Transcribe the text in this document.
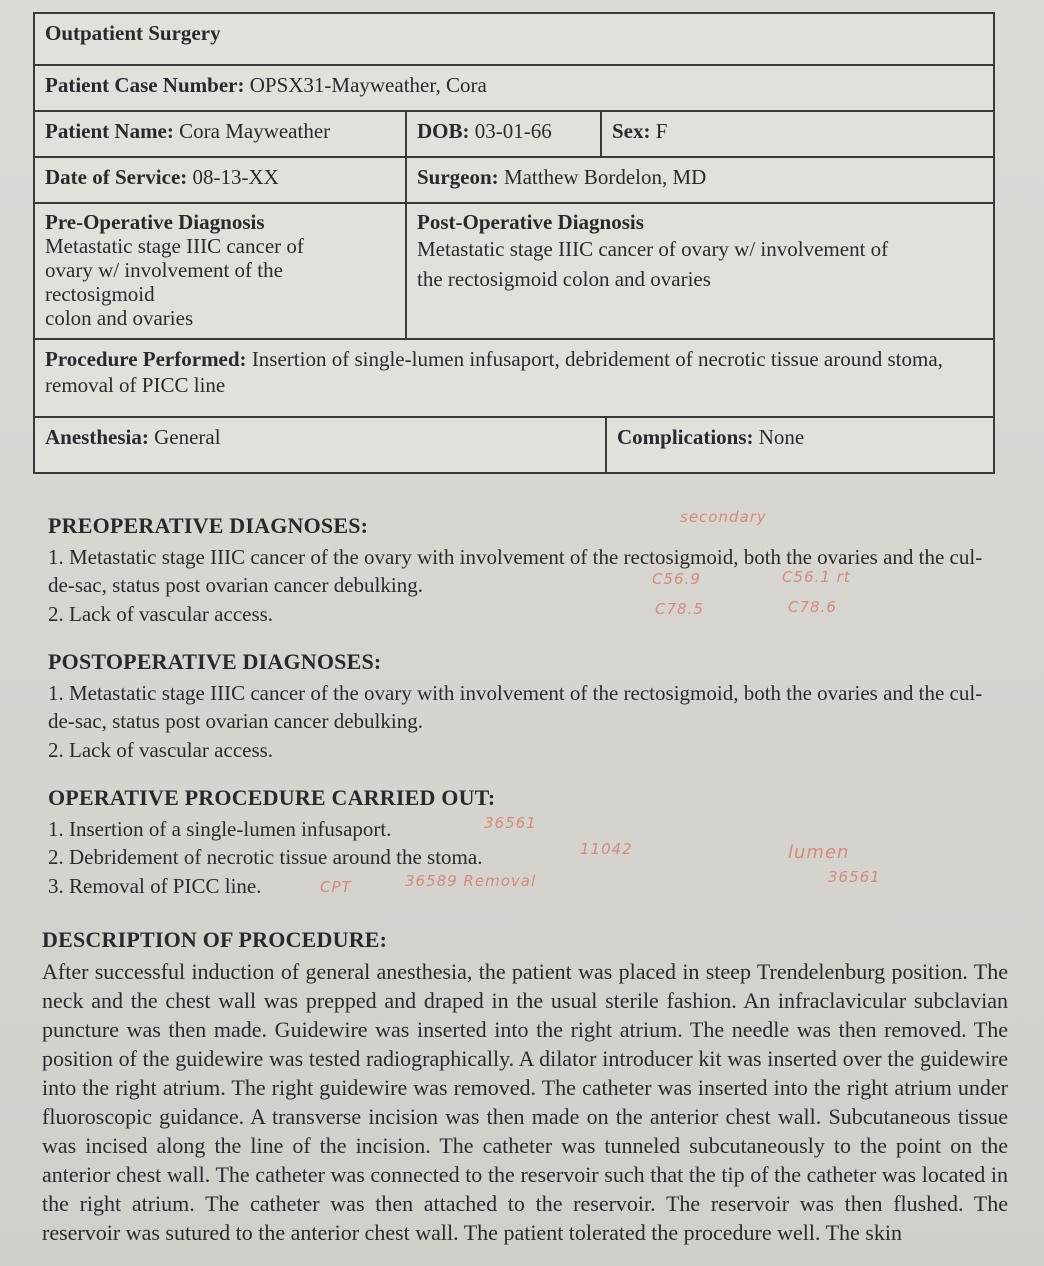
Outpatient Surgery
Patient Case Number: OPSX31-Mayweather, Cora
Patient Name: Cora Mayweather	DOB: 03-01-66	Sex: F
Date of Service: 08-13-XX	Surgeon: Matthew Bordelon, MD
Pre-Operative Diagnosis
Metastatic stage IIIC cancer of
ovary w/ involvement of the
rectosigmoid
colon and ovaries
Post-Operative Diagnosis
Metastatic stage IIIC cancer of ovary w/ involvement of
the rectosigmoid colon and ovaries
Procedure Performed: Insertion of single-lumen infusaport, debridement of necrotic tissue around stoma, removal of PICC line
Anesthesia: General	Complications: None
PREOPERATIVE DIAGNOSES:

1. Metastatic stage IIIC cancer of the ovary with involvement of the rectosigmoid, both the ovaries and the cul-de-sac, status post ovarian cancer debulking.

2. Lack of vascular access.

POSTOPERATIVE DIAGNOSES:

1. Metastatic stage IIIC cancer of the ovary with involvement of the rectosigmoid, both the ovaries and the cul-de-sac, status post ovarian cancer debulking.

2. Lack of vascular access.

OPERATIVE PROCEDURE CARRIED OUT:

1. Insertion of a single-lumen infusaport.

2. Debridement of necrotic tissue around the stoma.

3. Removal of PICC line.

DESCRIPTION OF PROCEDURE:

After successful induction of general anesthesia, the patient was placed in steep Trendelenburg position. The neck and the chest wall was prepped and draped in the usual sterile fashion. An infraclavicular subclavian puncture was then made. Guidewire was inserted into the right atrium. The needle was then removed. The position of the guidewire was tested radiographically. A dilator introducer kit was inserted over the guidewire into the right atrium. The right guidewire was removed. The catheter was inserted into the right atrium under fluoroscopic guidance. A transverse incision was then made on the anterior chest wall. Subcutaneous tissue was incised along the line of the incision. The catheter was tunneled subcutaneously to the point on the anterior chest wall. The catheter was connected to the reservoir such that the tip of the catheter was located in the right atrium. The catheter was then attached to the reservoir. The reservoir was then flushed. The reservoir was sutured to the anterior chest wall. The patient tolerated the procedure well. The skin

secondary
C56.9	C56.1 rt
C78.5	C78.6
36561
11042
CPT	36589 Removal
lumen
36561
